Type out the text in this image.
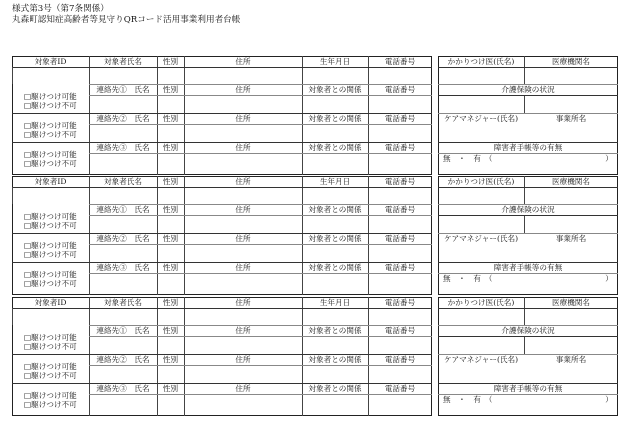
様式第3号（第7条関係）
丸森町認知症高齢者等見守りQRコード活用事業利用者台帳
対象者ID	対象者氏名	性別	住所	生年月日	電話番号
連絡先①　氏名	性別	住所	対象者との関係	電話番号
□駆けつけ可能
□駆けつけ不可
連絡先②　氏名	性別	住所	対象者との関係	電話番号
□駆けつけ可能
□駆けつけ不可
連絡先③　氏名	性別	住所	対象者との関係	電話番号
□駆けつけ可能
□駆けつけ不可
かかりつけ医(氏名)	医療機関名
介護保険の状況
ケアマネジャー(氏名)	事業所名
障害者手帳等の有無
無　・　有　（	）
対象者ID	対象者氏名	性別	住所	生年月日	電話番号
連絡先①　氏名	性別	住所	対象者との関係	電話番号
□駆けつけ可能
□駆けつけ不可
連絡先②　氏名	性別	住所	対象者との関係	電話番号
□駆けつけ可能
□駆けつけ不可
連絡先③　氏名	性別	住所	対象者との関係	電話番号
□駆けつけ可能
□駆けつけ不可
かかりつけ医(氏名)	医療機関名
介護保険の状況
ケアマネジャー(氏名)	事業所名
障害者手帳等の有無
無　・　有　（	）
対象者ID	対象者氏名	性別	住所	生年月日	電話番号
連絡先①　氏名	性別	住所	対象者との関係	電話番号
□駆けつけ可能
□駆けつけ不可
連絡先②　氏名	性別	住所	対象者との関係	電話番号
□駆けつけ可能
□駆けつけ不可
連絡先③　氏名	性別	住所	対象者との関係	電話番号
□駆けつけ可能
□駆けつけ不可
かかりつけ医(氏名)	医療機関名
介護保険の状況
ケアマネジャー(氏名)	事業所名
障害者手帳等の有無
無　・　有　（	）
